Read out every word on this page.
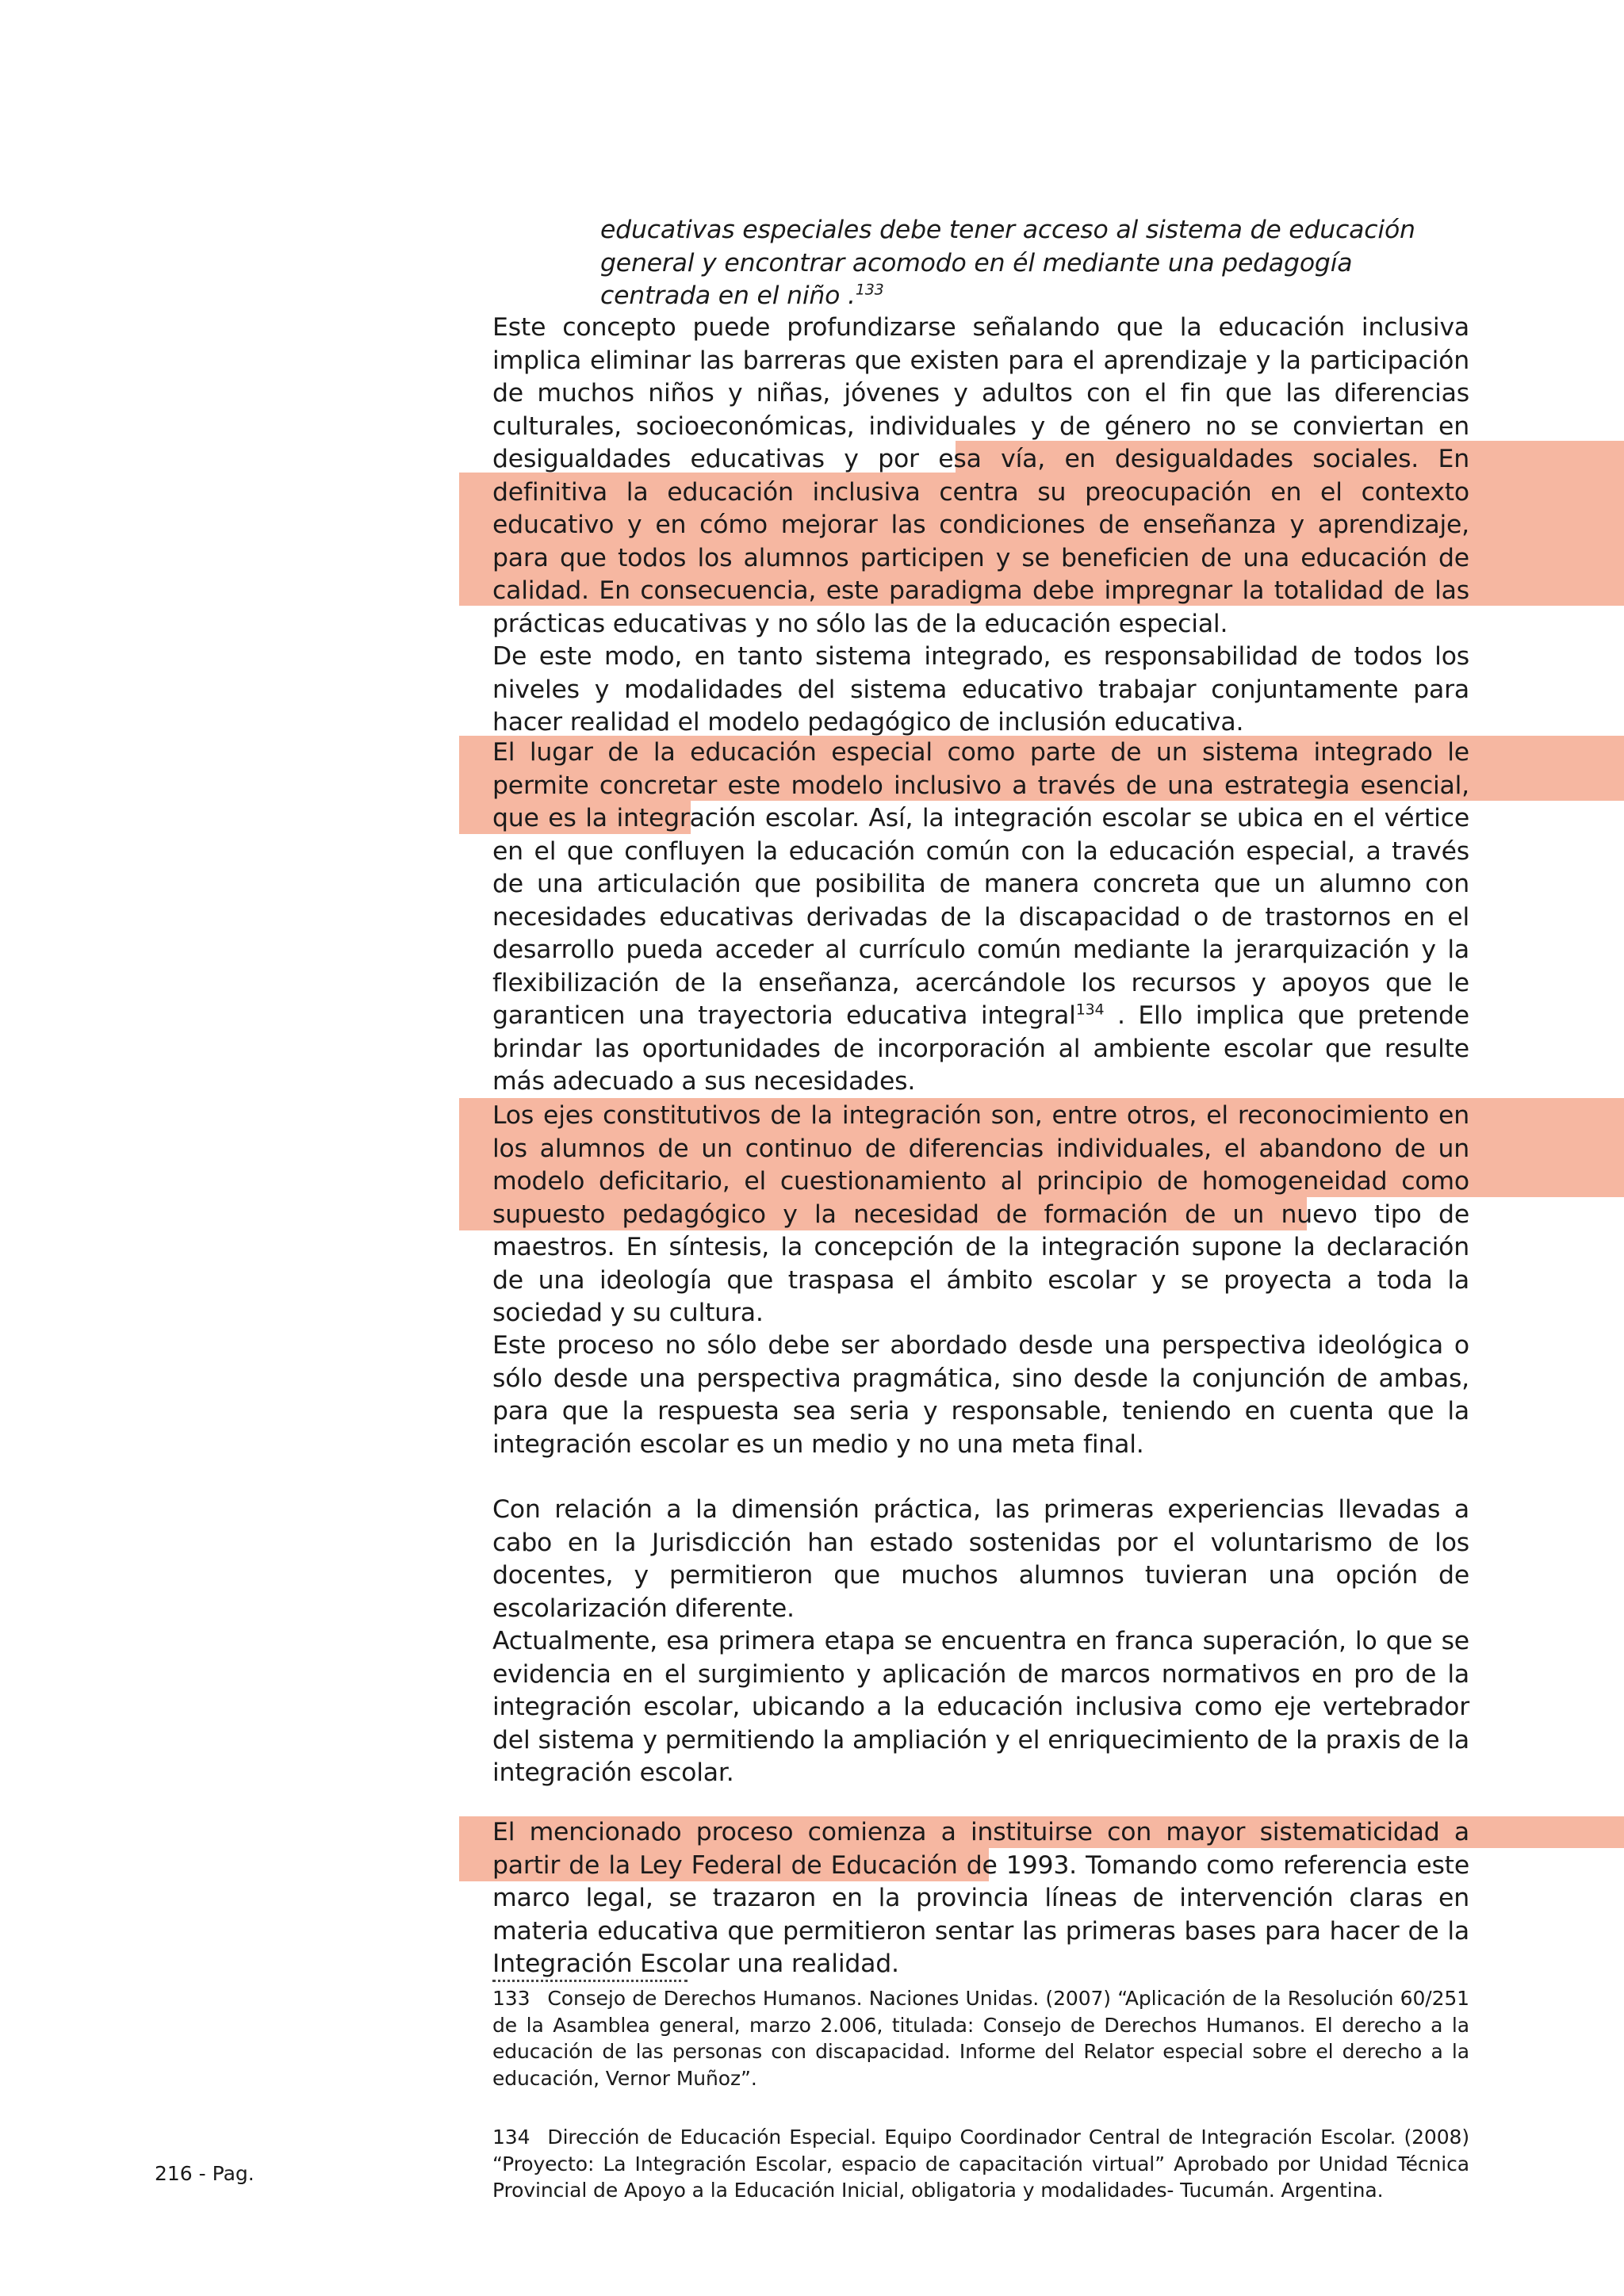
educativas especiales debe tener acceso al sistema de educación general y encontrar acomodo en él mediante una pedagogía centrada en el niño .$^{133}$

Este concepto puede profundizarse señalando que la educación inclusiva implica eliminar las barreras que existen para el aprendizaje y la participación de muchos niños y niñas, jóvenes y adultos con el fin que las diferencias culturales, socioeconómicas, individuales y de género no se conviertan en desigualdades educativas y por esa vía, en desigualdades sociales. En definitiva la educación inclusiva centra su preocupación en el contexto educativo y en cómo mejorar las condiciones de enseñanza y aprendizaje, para que todos los alumnos participen y se beneficien de una educación de calidad. En consecuencia, este paradigma debe impregnar la totalidad de las prácticas educativas y no sólo las de la educación especial.
De este modo, en tanto sistema integrado, es responsabilidad de todos los niveles y modalidades del sistema educativo trabajar conjuntamente para hacer realidad el modelo pedagógico de inclusión educativa.

El lugar de la educación especial como parte de un sistema integrado le permite concretar este modelo inclusivo a través de una estrategia esencial, que es la integración escolar. Así, la integración escolar se ubica en el vértice en el que confluyen la educación común con la educación especial, a través de una articulación que posibilita de manera concreta que un alumno con necesidades educativas derivadas de la discapacidad o de trastornos en el desarrollo pueda acceder al currículo común mediante la jerarquización y la flexibilización de la enseñanza, acercándole los recursos y apoyos que le garanticen una trayectoria educativa integral$^{134}$ . Ello implica que pretende brindar las oportunidades de incorporación al ambiente escolar que resulte más adecuado a sus necesidades.

Los ejes constitutivos de la integración son, entre otros, el reconocimiento en los alumnos de un continuo de diferencias individuales, el abandono de un modelo deficitario, el cuestionamiento al principio de homogeneidad como supuesto pedagógico y la necesidad de formación de un nuevo tipo de maestros. En síntesis, la concepción de la integración supone la declaración de una ideología que traspasa el ámbito escolar y se proyecta a toda la sociedad y su cultura.

Este proceso no sólo debe ser abordado desde una perspectiva ideológica o sólo desde una perspectiva pragmática, sino desde la conjunción de ambas, para que la respuesta sea seria y responsable, teniendo en cuenta que la integración escolar es un medio y no una meta final.

Con relación a la dimensión práctica, las primeras experiencias llevadas a cabo en la Jurisdicción han estado sostenidas por el voluntarismo de los docentes, y permitieron que muchos alumnos tuvieran una opción de escolarización diferente.

Actualmente, esa primera etapa se encuentra en franca superación, lo que se evidencia en el surgimiento y aplicación de marcos normativos en pro de la integración escolar, ubicando a la educación inclusiva como eje vertebrador del sistema y permitiendo la ampliación y el enriquecimiento de la praxis de la integración escolar.

El mencionado proceso comienza a instituirse con mayor sistematicidad a partir de la Ley Federal de Educación de 1993. Tomando como referencia este marco legal, se trazaron en la provincia líneas de intervención claras en materia educativa que permitieron sentar las primeras bases para hacer de la Integración Escolar una realidad.

133 Consejo de Derechos Humanos. Naciones Unidas. (2007) “Aplicación de la Resolución 60/251 de la Asamblea general, marzo 2.006, titulada: Consejo de Derechos Humanos. El derecho a la educación de las personas con discapacidad. Informe del Relator especial sobre el derecho a la educación, Vernor Muñoz”.

134 Dirección de Educación Especial. Equipo Coordinador Central de Integración Escolar. (2008) “Proyecto: La Integración Escolar, espacio de capacitación virtual” Aprobado por Unidad Técnica Provincial de Apoyo a la Educación Inicial, obligatoria y modalidades- Tucumán. Argentina.

216 - Pag.
